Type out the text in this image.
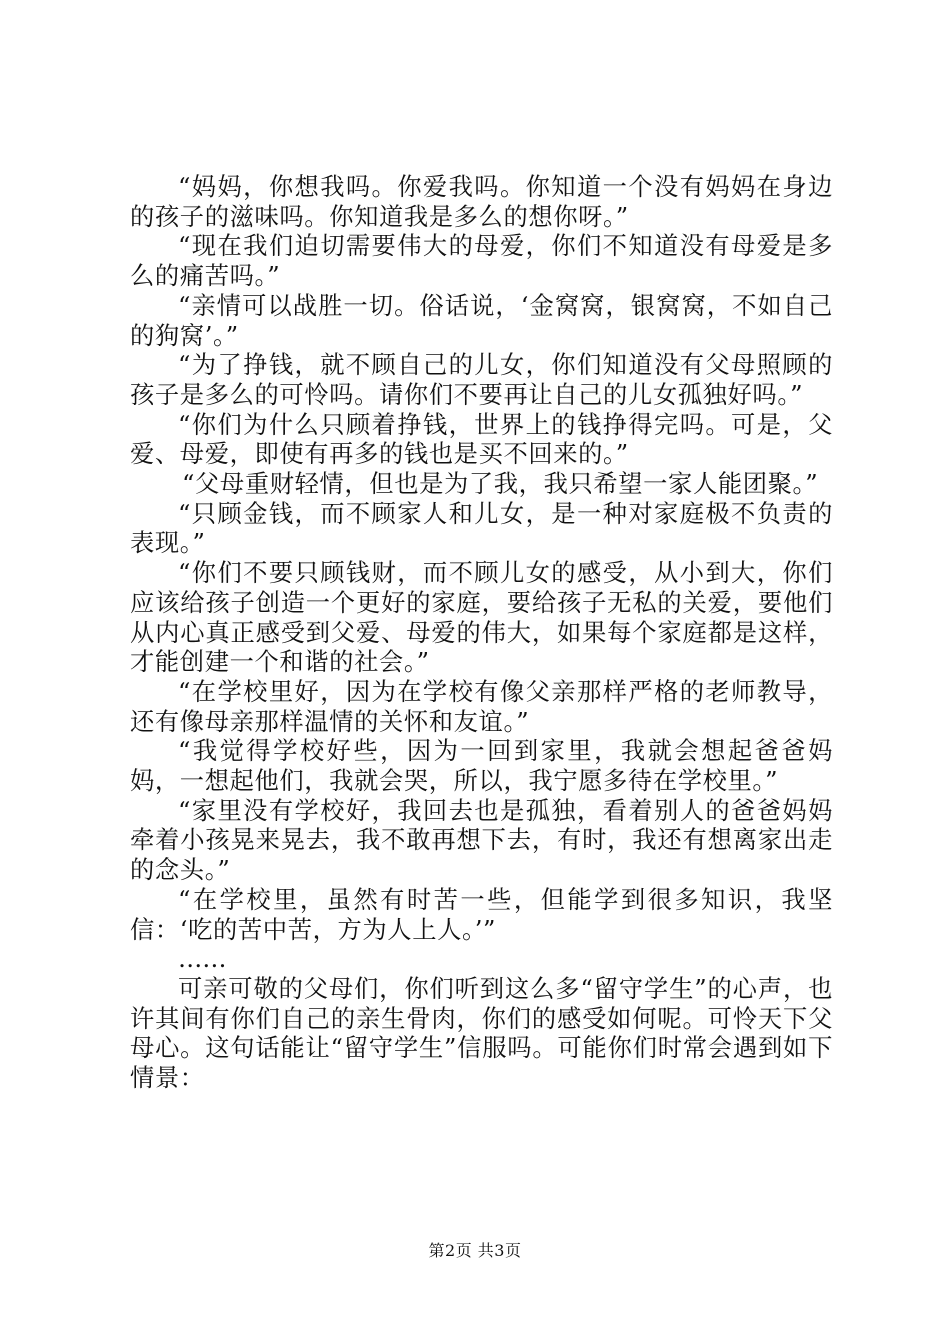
“妈妈，你想我吗。你爱我吗。你知道一个没有妈妈在身边的孩子的滋味吗。你知道我是多么的想你呀。”

“现在我们迫切需要伟大的母爱，你们不知道没有母爱是多么的痛苦吗。”

“亲情可以战胜一切。俗话说，‘金窝窝，银窝窝，不如自己的狗窝’。”

“为了挣钱，就不顾自己的儿女，你们知道没有父母照顾的孩子是多么的可怜吗。请你们不要再让自己的儿女孤独好吗。”

“你们为什么只顾着挣钱，世界上的钱挣得完吗。可是，父爱、母爱，即使有再多的钱也是买不回来的。”

“父母重财轻情，但也是为了我，我只希望一家人能团聚。”

“只顾金钱，而不顾家人和儿女，是一种对家庭极不负责的表现。”

“你们不要只顾钱财，而不顾儿女的感受，从小到大，你们应该给孩子创造一个更好的家庭，要给孩子无私的关爱，要他们从内心真正感受到父爱、母爱的伟大，如果每个家庭都是这样，才能创建一个和谐的社会。”

“在学校里好，因为在学校有像父亲那样严格的老师教导，还有像母亲那样温情的关怀和友谊。”

“我觉得学校好些，因为一回到家里，我就会想起爸爸妈妈，一想起他们，我就会哭，所以，我宁愿多待在学校里。”

“家里没有学校好，我回去也是孤独，看着别人的爸爸妈妈牵着小孩晃来晃去，我不敢再想下去，有时，我还有想离家出走的念头。”

“在学校里，虽然有时苦一些，但能学到很多知识，我坚信：‘吃的苦中苦，方为人上人。’”

……

可亲可敬的父母们，你们听到这么多“留守学生”的心声，也许其间有你们自己的亲生骨肉，你们的感受如何呢。可怜天下父母心。这句话能让“留守学生”信服吗。可能你们时常会遇到如下情景：

第2页 共3页
